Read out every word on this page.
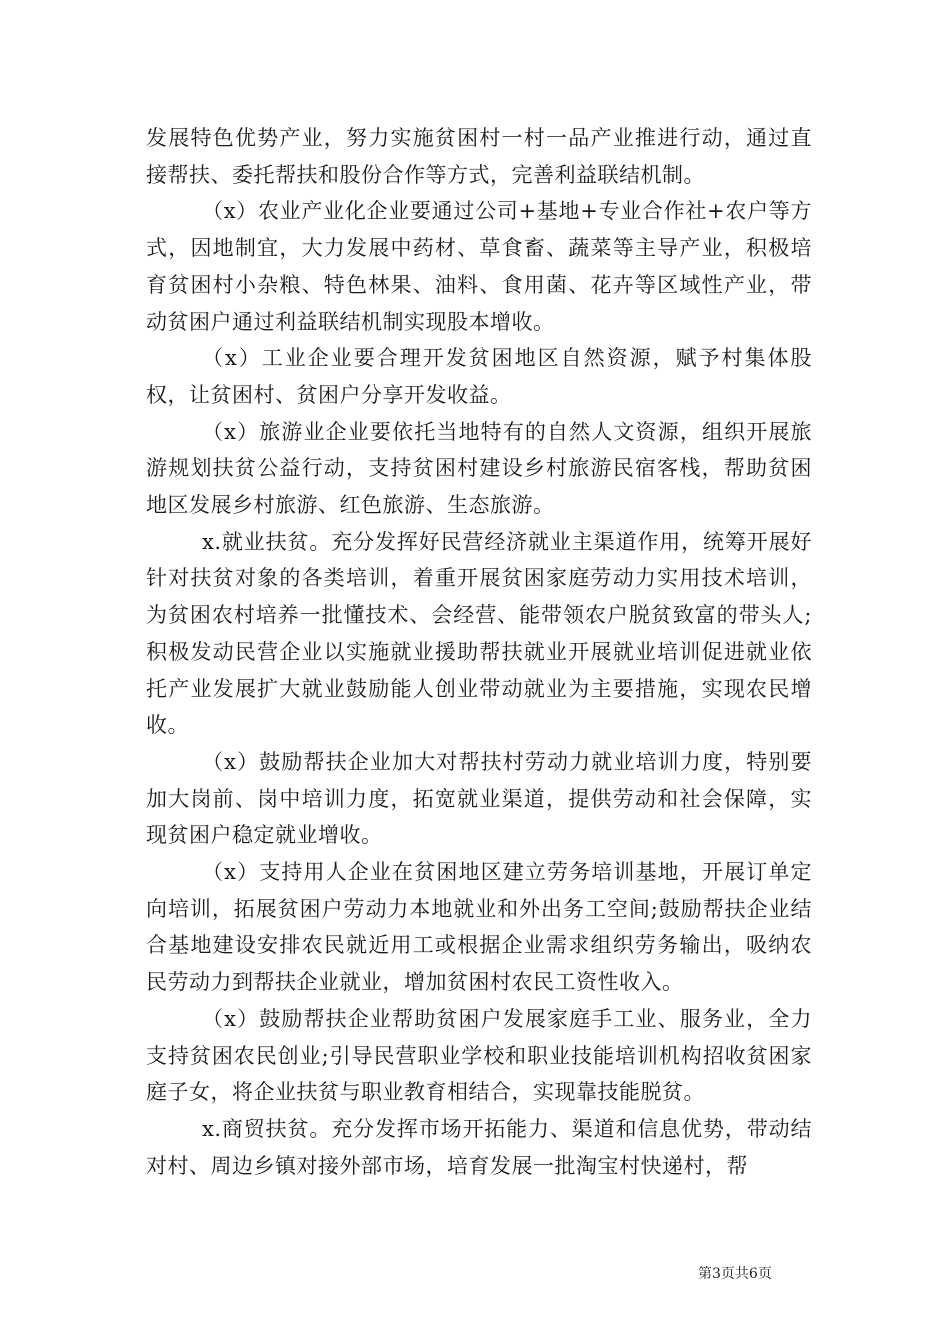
发展特色优势产业，努力实施贫困村一村一品产业推进行动，通过直接帮扶、委托帮扶和股份合作等方式，完善利益联结机制。

（x）农业产业化企业要通过公司+基地+专业合作社+农户等方式，因地制宜，大力发展中药材、草食畜、蔬菜等主导产业，积极培育贫困村小杂粮、特色林果、油料、食用菌、花卉等区域性产业，带动贫困户通过利益联结机制实现股本增收。

（x）工业企业要合理开发贫困地区自然资源，赋予村集体股权，让贫困村、贫困户分享开发收益。

（x）旅游业企业要依托当地特有的自然人文资源，组织开展旅游规划扶贫公益行动，支持贫困村建设乡村旅游民宿客栈，帮助贫困地区发展乡村旅游、红色旅游、生态旅游。

x.就业扶贫。充分发挥好民营经济就业主渠道作用，统筹开展好针对扶贫对象的各类培训，着重开展贫困家庭劳动力实用技术培训，为贫困农村培养一批懂技术、会经营、能带领农户脱贫致富的带头人;积极发动民营企业以实施就业援助帮扶就业开展就业培训促进就业依托产业发展扩大就业鼓励能人创业带动就业为主要措施，实现农民增收。

（x）鼓励帮扶企业加大对帮扶村劳动力就业培训力度，特别要加大岗前、岗中培训力度，拓宽就业渠道，提供劳动和社会保障，实现贫困户稳定就业增收。

（x）支持用人企业在贫困地区建立劳务培训基地，开展订单定向培训，拓展贫困户劳动力本地就业和外出务工空间;鼓励帮扶企业结合基地建设安排农民就近用工或根据企业需求组织劳务输出，吸纳农民劳动力到帮扶企业就业，增加贫困村农民工资性收入。

（x）鼓励帮扶企业帮助贫困户发展家庭手工业、服务业，全力支持贫困农民创业;引导民营职业学校和职业技能培训机构招收贫困家庭子女，将企业扶贫与职业教育相结合，实现靠技能脱贫。

x.商贸扶贫。充分发挥市场开拓能力、渠道和信息优势，带动结对村、周边乡镇对接外部市场，培育发展一批淘宝村快递村，帮

第3页共6页
